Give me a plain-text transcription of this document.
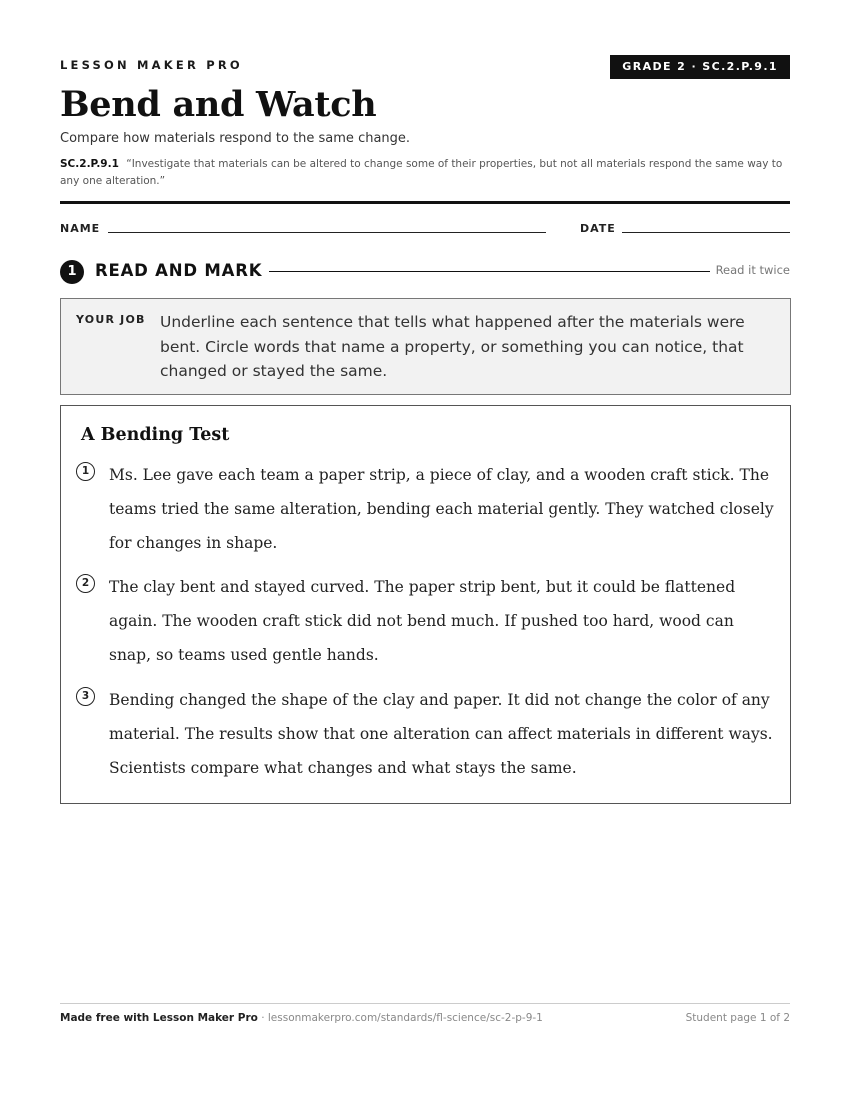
LESSON MAKER PRO	GRADE 2 · SC.2.P.9.1
Bend and Watch
Compare how materials respond to the same change.
SC.2.P.9.1 “Investigate that materials can be altered to change some of their properties, but not all materials respond the same way to any one alteration.”
NAME	DATE
1	READ AND MARK	Read it twice
YOUR JOB Underline each sentence that tells what happened after the materials were bent. Circle words that name a property, or something you can notice, that changed or stayed the same.
A Bending Test
1	Ms. Lee gave each team a paper strip, a piece of clay, and a wooden craft stick. The teams tried the same alteration, bending each material gently. They watched closely for changes in shape.
2	The clay bent and stayed curved. The paper strip bent, but it could be flattened again. The wooden craft stick did not bend much. If pushed too hard, wood can snap, so teams used gentle hands.
3	Bending changed the shape of the clay and paper. It did not change the color of any material. The results show that one alteration can affect materials in different ways. Scientists compare what changes and what stays the same.
Made free with Lesson Maker Pro · lessonmakerpro.com/standards/fl-science/sc-2-p-9-1	Student page 1 of 2
